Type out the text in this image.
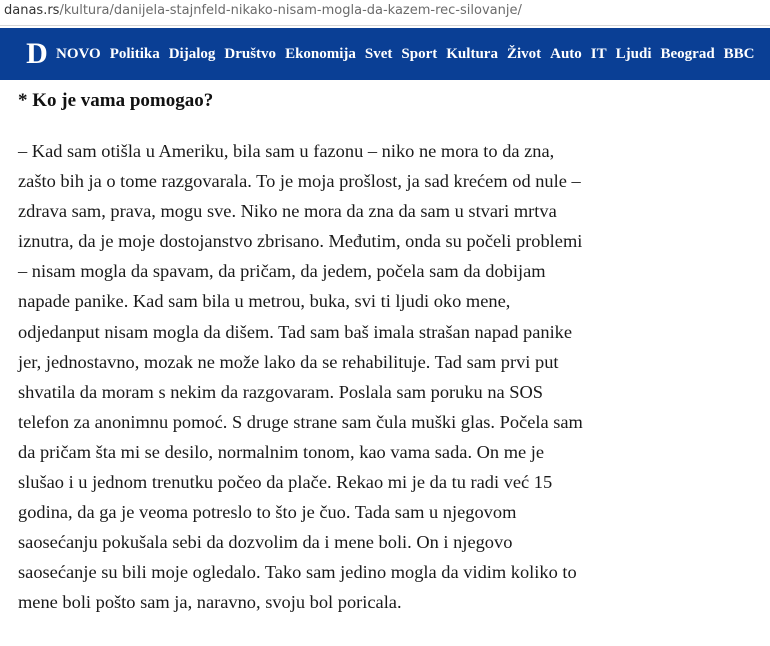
danas.rs/kultura/danijela-stajnfeld-nikako-nisam-mogla-da-kazem-rec-silovanje/
D NOVO Politika Dijalog Društvo Ekonomija Svet Sport Kultura Život Auto IT Ljudi Beograd BBC
* Ko je vama pomogao?
– Kad sam otišla u Ameriku, bila sam u fazonu – niko ne mora to da zna,
zašto bih ja o tome razgovarala. To je moja prošlost, ja sad krećem od nule –
zdrava sam, prava, mogu sve. Niko ne mora da zna da sam u stvari mrtva
iznutra, da je moje dostojanstvo zbrisano. Međutim, onda su počeli problemi
– nisam mogla da spavam, da pričam, da jedem, počela sam da dobijam
napade panike. Kad sam bila u metrou, buka, svi ti ljudi oko mene,
odjedanput nisam mogla da dišem. Tad sam baš imala strašan napad panike
jer, jednostavno, mozak ne može lako da se rehabilituje. Tad sam prvi put
shvatila da moram s nekim da razgovaram. Poslala sam poruku na SOS
telefon za anonimnu pomoć. S druge strane sam čula muški glas. Počela sam
da pričam šta mi se desilo, normalnim tonom, kao vama sada. On me je
slušao i u jednom trenutku počeo da plače. Rekao mi je da tu radi već 15
godina, da ga je veoma potreslo to što je čuo. Tada sam u njegovom
saosećanju pokušala sebi da dozvolim da i mene boli. On i njegovo
saosećanje su bili moje ogledalo. Tako sam jedino mogla da vidim koliko to
mene boli pošto sam ja, naravno, svoju bol poricala.
